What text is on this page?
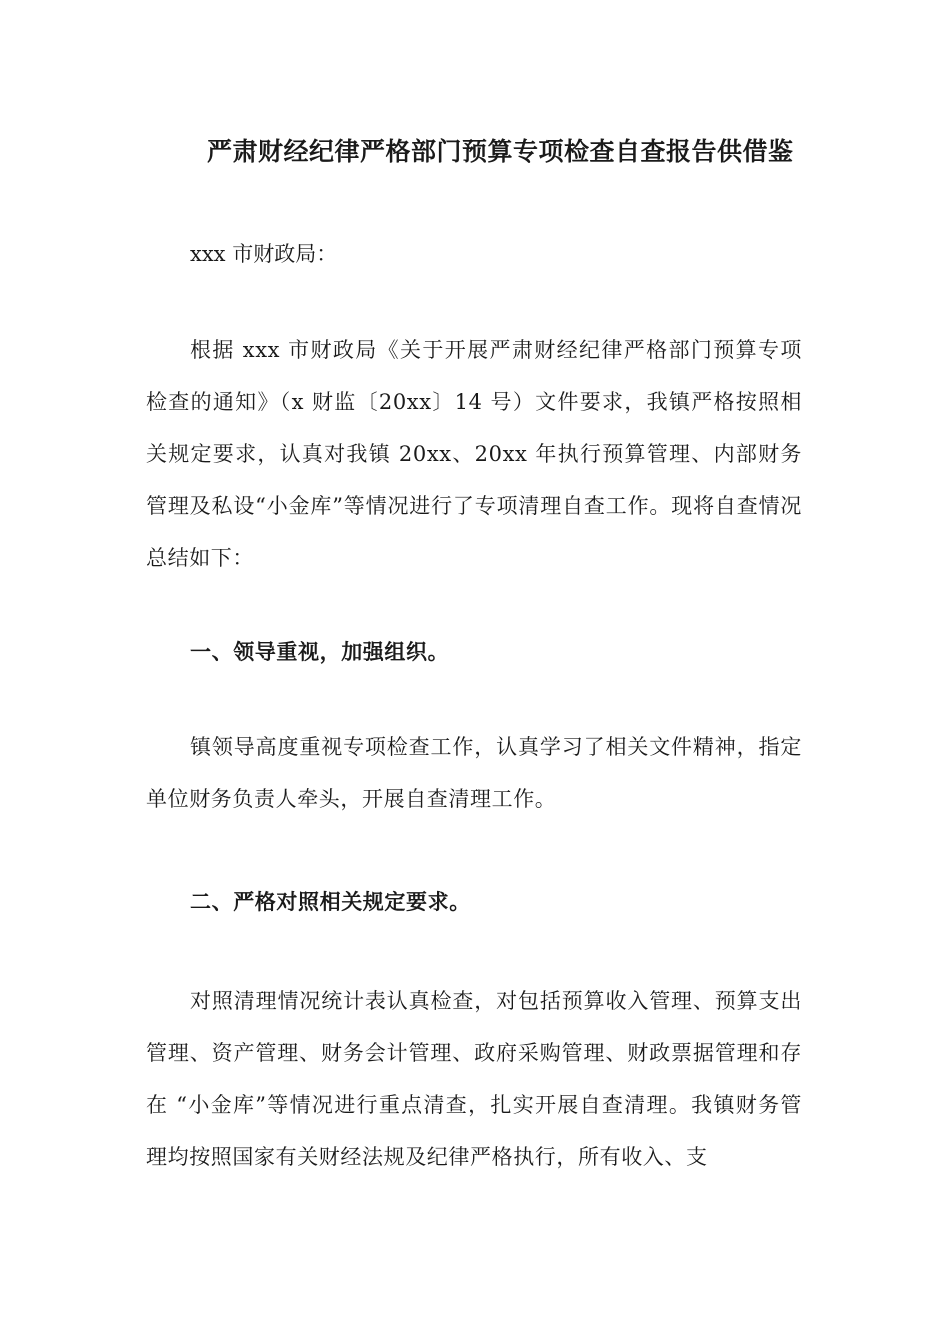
严肃财经纪律严格部门预算专项检查自查报告供借鉴
xxx 市财政局：

根据 xxx 市财政局《关于开展严肃财经纪律严格部门预算专项检查的通知》（x 财监〔20xx〕14 号）文件要求，我镇严格按照相关规定要求，认真对我镇 20xx、20xx 年执行预算管理、内部财务管理及私设“小金库”等情况进行了专项清理自查工作。现将自查情况总结如下：

一、领导重视，加强组织。

镇领导高度重视专项检查工作，认真学习了相关文件精神，指定单位财务负责人牵头，开展自查清理工作。

二、严格对照相关规定要求。

对照清理情况统计表认真检查，对包括预算收入管理、预算支出管理、资产管理、财务会计管理、政府采购管理、财政票据管理和存在 “小金库”等情况进行重点清查，扎实开展自查清理。我镇财务管理均按照国家有关财经法规及纪律严格执行，所有收入、支
